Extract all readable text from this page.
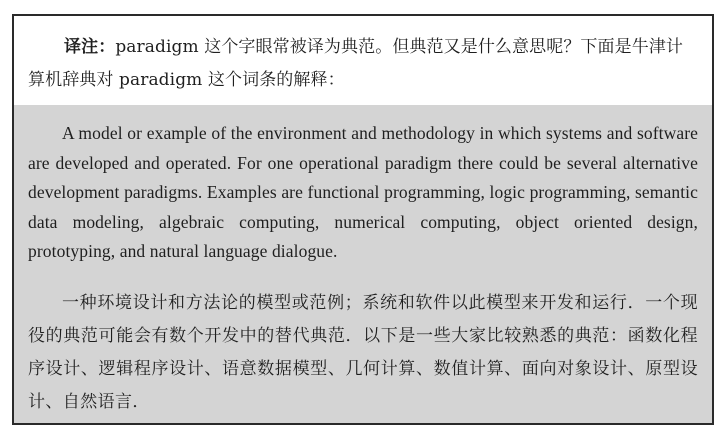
译注：paradigm 这个字眼常被译为典范。但典范又是什么意思呢？下面是牛津计算机辞典对 paradigm 这个词条的解释：

A model or example of the environment and methodology in which systems and software are developed and operated. For one operational paradigm there could be several alternative development paradigms. Examples are functional programming, logic programming, semantic data modeling, algebraic computing, numerical computing, object oriented design, prototyping, and natural language dialogue.

一种环境设计和方法论的模型或范例；系统和软件以此模型来开发和运行．一个现役的典范可能会有数个开发中的替代典范．以下是一些大家比较熟悉的典范：函数化程序设计、逻辑程序设计、语意数据模型、几何计算、数值计算、面向对象设计、原型设计、自然语言．
